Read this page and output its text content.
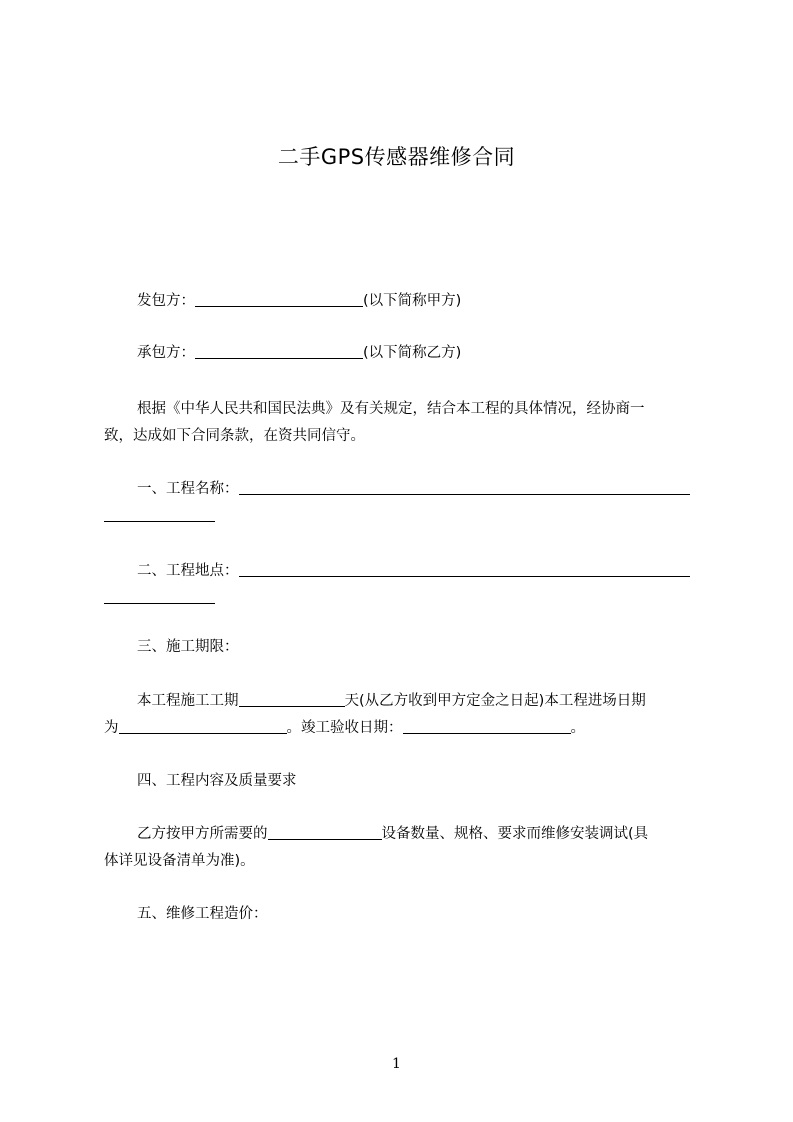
二手GPS传感器维修合同
发包方：	(以下简称甲方)
承包方：	(以下简称乙方)
根据《中华人民共和国民法典》及有关规定，结合本工程的具体情况，经协商一
致，达成如下合同条款，在资共同信守。
一、工程名称：
二、工程地点：
三、施工期限：
本工程施工工期	天(从乙方收到甲方定金之日起)本工程进场日期
为	。竣工验收日期：	。
四、工程内容及质量要求
乙方按甲方所需要的	设备数量、规格、要求而维修安装调试(具
体详见设备清单为准)。
五、维修工程造价：
1
